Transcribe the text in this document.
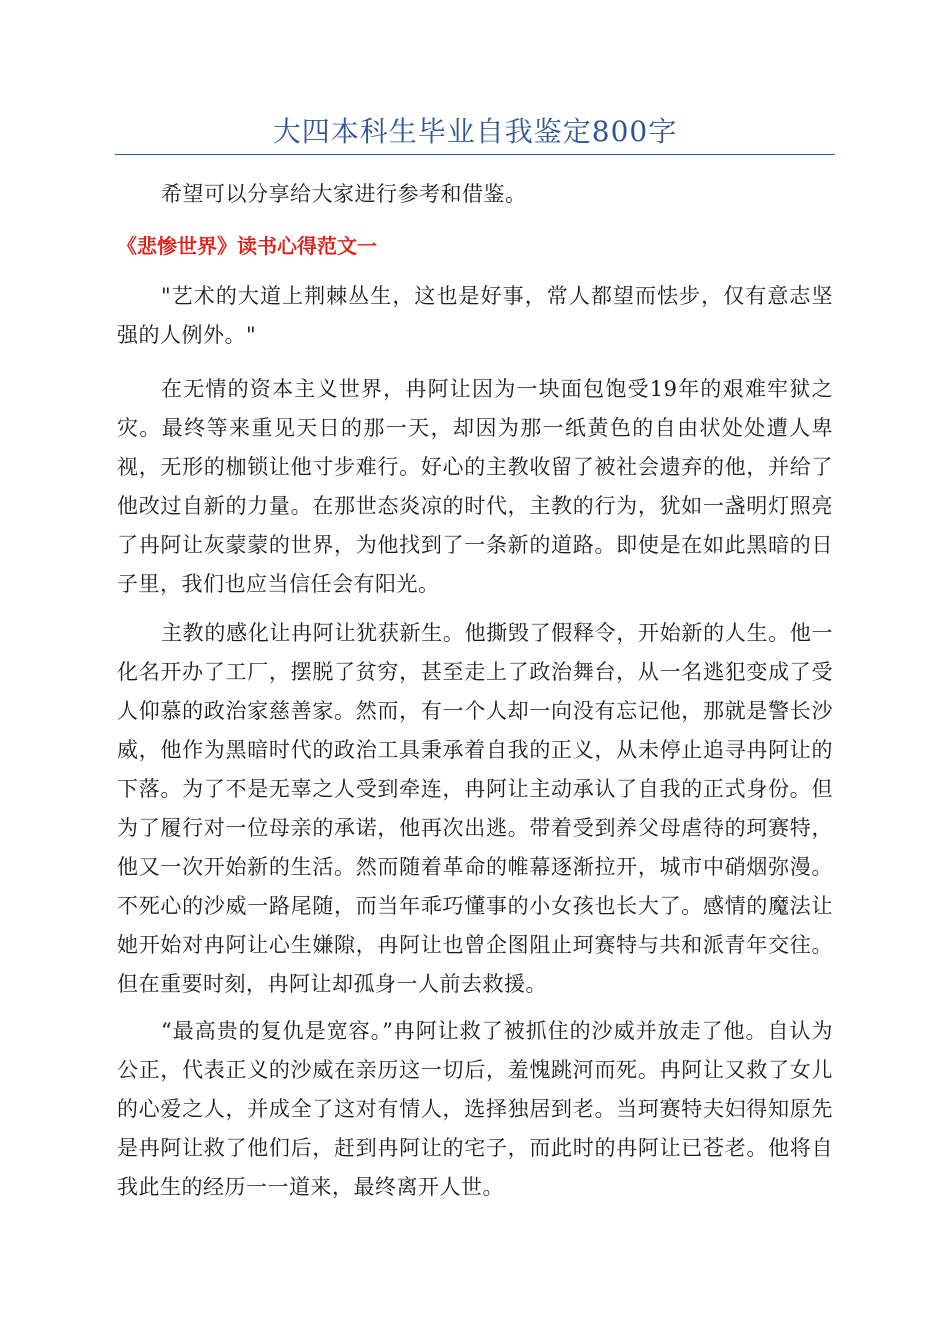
大四本科生毕业自我鉴定800字

希望可以分享给大家进行参考和借鉴。

《悲惨世界》读书心得范文一

"艺术的大道上荆棘丛生，这也是好事，常人都望而怯步，仅有意志坚强的人例外。"

在无情的资本主义世界，冉阿让因为一块面包饱受19年的艰难牢狱之灾。最终等来重见天日的那一天，却因为那一纸黄色的自由状处处遭人卑视，无形的枷锁让他寸步难行。好心的主教收留了被社会遗弃的他，并给了他改过自新的力量。在那世态炎凉的时代，主教的行为，犹如一盏明灯照亮了冉阿让灰蒙蒙的世界，为他找到了一条新的道路。即使是在如此黑暗的日子里，我们也应当信任会有阳光。

主教的感化让冉阿让犹获新生。他撕毁了假释令，开始新的人生。他一化名开办了工厂，摆脱了贫穷，甚至走上了政治舞台，从一名逃犯变成了受人仰慕的政治家慈善家。然而，有一个人却一向没有忘记他，那就是警长沙威，他作为黑暗时代的政治工具秉承着自我的正义，从未停止追寻冉阿让的下落。为了不是无辜之人受到牵连，冉阿让主动承认了自我的正式身份。但为了履行对一位母亲的承诺，他再次出逃。带着受到养父母虐待的珂赛特，他又一次开始新的生活。然而随着革命的帷幕逐渐拉开，城市中硝烟弥漫。不死心的沙威一路尾随，而当年乖巧懂事的小女孩也长大了。感情的魔法让她开始对冉阿让心生嫌隙，冉阿让也曾企图阻止珂赛特与共和派青年交往。但在重要时刻，冉阿让却孤身一人前去救援。

“最高贵的复仇是宽容。”冉阿让救了被抓住的沙威并放走了他。自认为公正，代表正义的沙威在亲历这一切后，羞愧跳河而死。冉阿让又救了女儿的心爱之人，并成全了这对有情人，选择独居到老。当珂赛特夫妇得知原先是冉阿让救了他们后，赶到冉阿让的宅子，而此时的冉阿让已苍老。他将自我此生的经历一一道来，最终离开人世。
